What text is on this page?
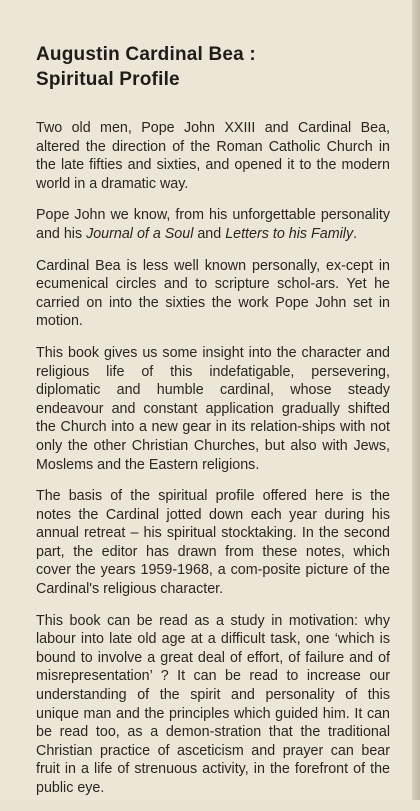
Augustin Cardinal Bea :
Spiritual Profile

Two old men, Pope John XXIII and Cardinal Bea, altered the direction of the Roman Catholic Church in the late fifties and sixties, and opened it to the modern world in a dramatic way.

Pope John we know, from his unforgettable personality and his Journal of a Soul and Letters to his Family.

Cardinal Bea is less well known personally, ex-cept in ecumenical circles and to scripture schol-ars. Yet he carried on into the sixties the work Pope John set in motion.

This book gives us some insight into the character and religious life of this indefatigable, persevering, diplomatic and humble cardinal, whose steady endeavour and constant application gradually shifted the Church into a new gear in its relation-ships with not only the other Christian Churches, but also with Jews, Moslems and the Eastern religions.

The basis of the spiritual profile offered here is the notes the Cardinal jotted down each year during his annual retreat – his spiritual stocktaking. In the second part, the editor has drawn from these notes, which cover the years 1959-1968, a com-posite picture of the Cardinal's religious character.

This book can be read as a study in motivation: why labour into late old age at a difficult task, one ‘which is bound to involve a great deal of effort, of failure and of misrepresentation’ ? It can be read to increase our understanding of the spirit and personality of this unique man and the principles which guided him. It can be read too, as a demon-stration that the traditional Christian practice of asceticism and prayer can bear fruit in a life of strenuous activity, in the forefront of the public eye.
